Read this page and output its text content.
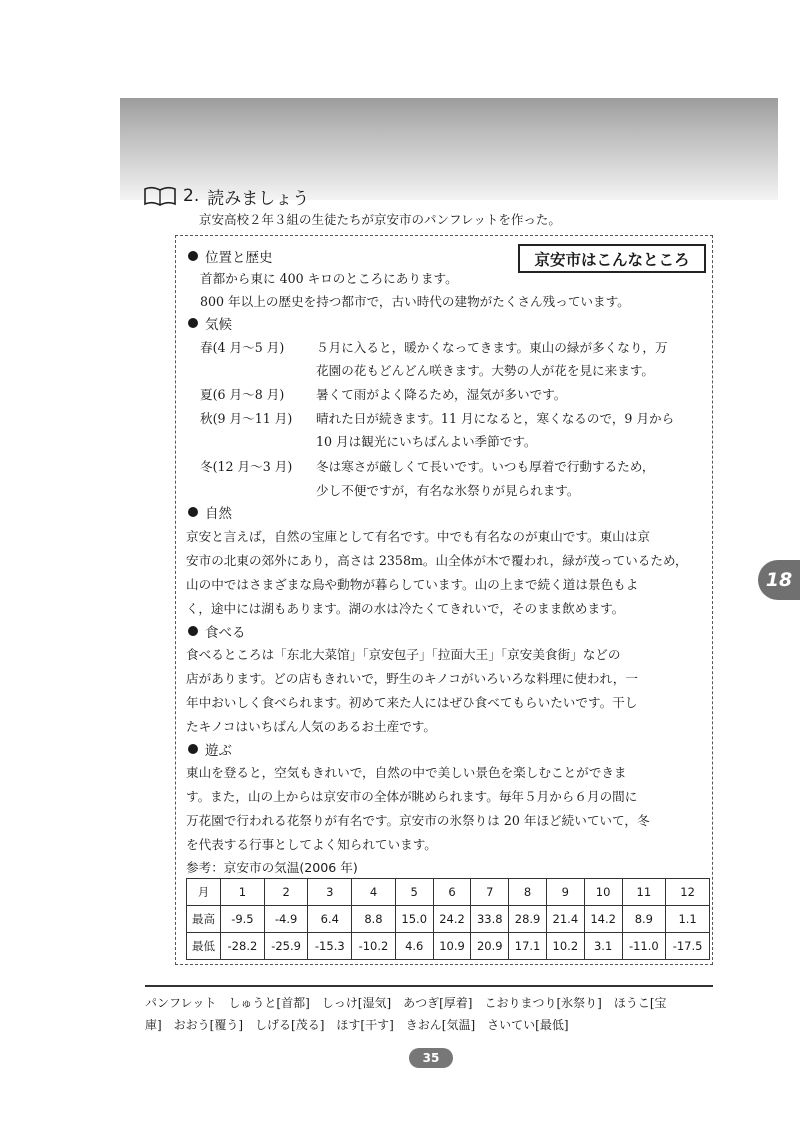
2. 読みましょう
京安高校２年３組の生徒たちが京安市のパンフレットを作った。
京安市はこんなところ
位置と歴史
首都から東に 400 キロのところにあります。
800 年以上の歴史を持つ都市で，古い時代の建物がたくさん残っています。
気候
春(4 月～5 月)	５月に入ると，暖かくなってきます。東山の緑が多くなり，万
花園の花もどんどん咲きます。大勢の人が花を見に来ます。
夏(6 月～8 月)	暑くて雨がよく降るため，湿気が多いです。
秋(9 月～11 月) 晴れた日が続きます。11 月になると，寒くなるので，9 月から
10 月は観光にいちばんよい季節です。
冬(12 月～3 月) 冬は寒さが厳しくて長いです。いつも厚着で行動するため，
少し不便ですが，有名な氷祭りが見られます。
自然
京安と言えば，自然の宝庫として有名です。中でも有名なのが東山です。東山は京
安市の北東の郊外にあり，高さは 2358m。山全体が木で覆われ，緑が茂っているため，
山の中ではさまざまな鳥や動物が暮らしています。山の上まで続く道は景色もよ
く，途中には湖もあります。湖の水は冷たくてきれいで，そのまま飲めます。
食べる
食べるところは「东北大菜馆」「京安包子」「拉面大王」「京安美食街」などの
店があります。どの店もきれいで，野生のキノコがいろいろな料理に使われ，一
年中おいしく食べられます。初めて来た人にはぜひ食べてもらいたいです。干し
たキノコはいちばん人気のあるお土産です。
遊ぶ
東山を登ると，空気もきれいで，自然の中で美しい景色を楽しむことができま
す。また，山の上からは京安市の全体が眺められます。毎年５月から６月の間に
万花園で行われる花祭りが有名です。京安市の氷祭りは 20 年ほど続いていて，冬
を代表する行事としてよく知られています。
参考：京安市の気温(2006 年)
月	1	2	3	4	5	6	7	8	9	10	11	12
最高	-9.5	-4.9	6.4	8.8	15.0	24.2	33.8	28.9	21.4	14.2	8.9	1.1
最低	-28.2	-25.9	-15.3	-10.2	4.6	10.9	20.9	17.1	10.2	3.1	-11.0	-17.5
パンフレット　しゅうと[首都]　しっけ[湿気]　あつぎ[厚着]　こおりまつり[氷祭り]　ほうこ[宝
庫]　おおう[覆う]　しげる[茂る]　ほす[干す]　きおん[気温]　さいてい[最低]
18
35
